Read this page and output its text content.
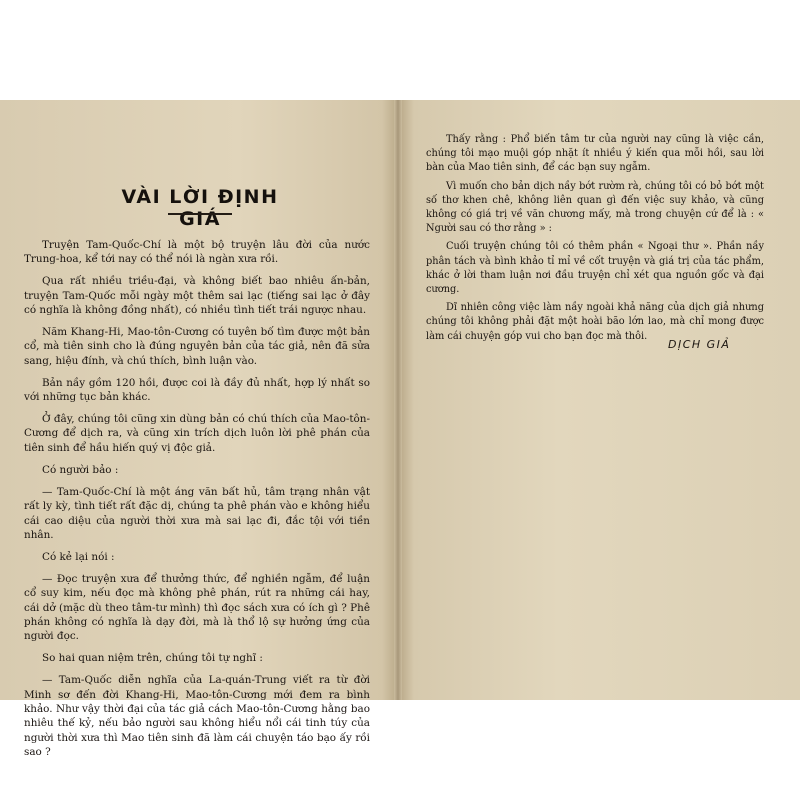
VÀI LỜI ĐỊNH GIÁ

Truyện Tam-Quốc-Chí là một bộ truyện lâu đời của nước Trung-hoa, kể tới nay có thể nói là ngàn xưa rồi.

Qua rất nhiều triều-đại, và không biết bao nhiêu ấn-bản, truyện Tam-Quốc mỗi ngày một thêm sai lạc (tiếng sai lạc ở đây có nghĩa là không đồng nhất), có nhiều tình tiết trái ngược nhau.

Năm Khang-Hi, Mao-tôn-Cương có tuyên bố tìm được một bản cổ, mà tiên sinh cho là đúng nguyên bản của tác giả, nên đã sửa sang, hiệu đính, và chú thích, bình luận vào.

Bản nầy gồm 120 hồi, được coi là đầy đủ nhất, hợp lý nhất so với những tục bản khác.

Ở đây, chúng tôi cũng xin dùng bản có chú thích của Mao-tôn-Cương để dịch ra, và cũng xin trích dịch luôn lời phê phán của tiên sinh để hầu hiến quý vị độc giả.

Có người bảo :

— Tam-Quốc-Chí là một áng văn bất hủ, tâm trạng nhân vật rất ly kỳ, tình tiết rất đặc dị, chúng ta phê phán vào e không hiểu cái cao diệu của người thời xưa mà sai lạc đi, đắc tội với tiền nhân.

Có kẻ lại nói :

— Đọc truyện xưa để thưởng thức, để nghiền ngẫm, để luận cổ suy kim, nếu đọc mà không phê phán, rút ra những cái hay, cái dở (mặc dù theo tâm-tư mình) thì đọc sách xưa có ích gì ? Phê phán không có nghĩa là dạy đời, mà là thổ lộ sự hưởng ứng của người đọc.

So hai quan niệm trên, chúng tôi tự nghĩ :

— Tam-Quốc diễn nghĩa của La-quán-Trung viết ra từ đời Minh sơ đến đời Khang-Hi, Mao-tôn-Cương mới đem ra bình khảo. Như vậy thời đại của tác giả cách Mao-tôn-Cương hằng bao nhiêu thế kỷ, nếu bảo người sau không hiểu nổi cái tinh túy của người thời xưa thì Mao tiên sinh đã làm cái chuyện táo bạo ấy rồi sao ?

Thấy rằng : Phổ biến tâm tư của người nay cũng là việc cần, chúng tôi mạo muội góp nhặt ít nhiều ý kiến qua mỗi hồi, sau lời bàn của Mao tiên sinh, để các bạn suy ngẫm.

Vì muốn cho bản dịch nầy bớt rườm rà, chúng tôi có bỏ bớt một số thơ khen chê, không liên quan gì đến việc suy khảo, và cũng không có giá trị về văn chương mấy, mà trong chuyện cứ để là : « Người sau có thơ rằng » :

Cuối truyện chúng tôi có thêm phần « Ngoại thư ». Phần nầy phân tách và bình khảo tỉ mỉ về cốt truyện và giá trị của tác phẩm, khác ở lời tham luận nơi đầu truyện chỉ xét qua nguồn gốc và đại cương.

Dĩ nhiên công việc làm nầy ngoài khả năng của dịch giả nhưng chúng tôi không phải đặt một hoài bão lớn lao, mà chỉ mong được làm cái chuyện góp vui cho bạn đọc mà thôi.

DỊCH GIẢ
